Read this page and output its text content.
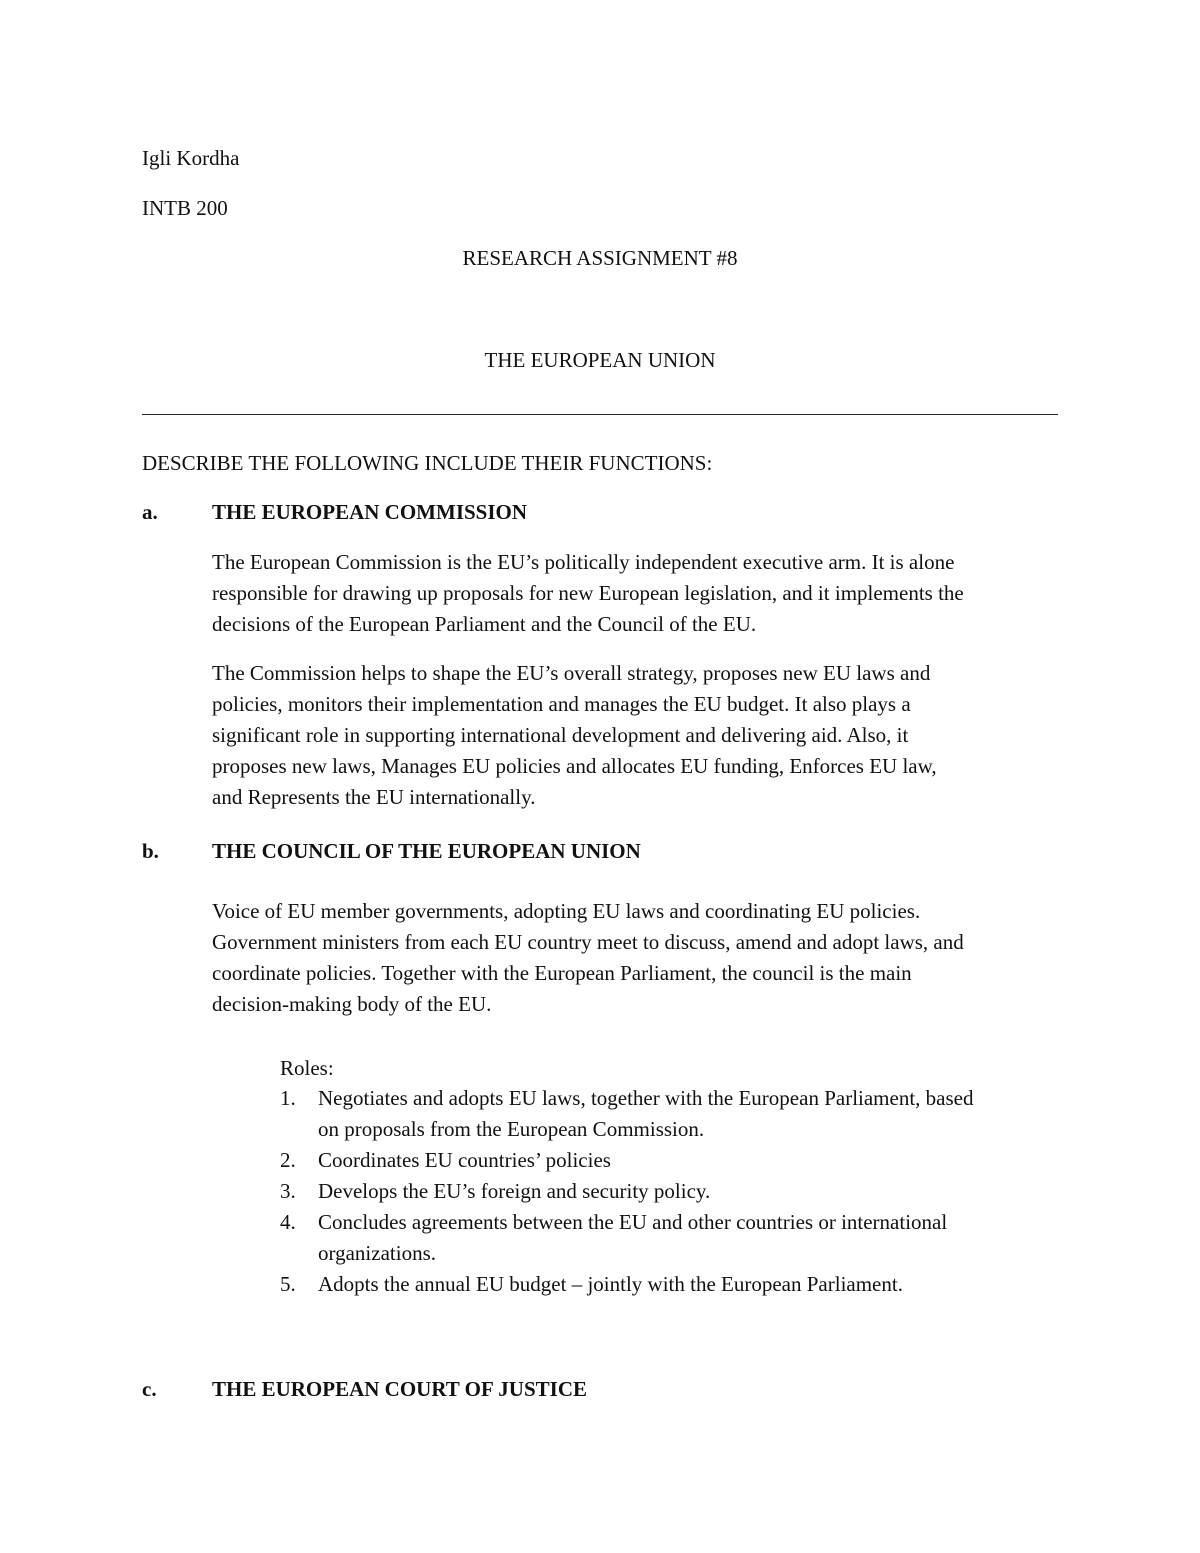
Igli Kordha
INTB 200
RESEARCH ASSIGNMENT #8
THE EUROPEAN UNION
DESCRIBE THE FOLLOWING INCLUDE THEIR FUNCTIONS:
a.	THE EUROPEAN COMMISSION
The European Commission is the EU’s politically independent executive arm. It is alone
responsible for drawing up proposals for new European legislation, and it implements the
decisions of the European Parliament and the Council of the EU.
The Commission helps to shape the EU’s overall strategy, proposes new EU laws and
policies, monitors their implementation and manages the EU budget. It also plays a
significant role in supporting international development and delivering aid. Also, it
proposes new laws, Manages EU policies and allocates EU funding, Enforces EU law,
and Represents the EU internationally.
b.	THE COUNCIL OF THE EUROPEAN UNION
Voice of EU member governments, adopting EU laws and coordinating EU policies.
Government ministers from each EU country meet to discuss, amend and adopt laws, and
coordinate policies. Together with the European Parliament, the council is the main
decision-making body of the EU.
Roles:
1. Negotiates and adopts EU laws, together with the European Parliament, based
on proposals from the European Commission.
2. Coordinates EU countries’ policies
3. Develops the EU’s foreign and security policy.
4. Concludes agreements between the EU and other countries or international
organizations.
5. Adopts the annual EU budget – jointly with the European Parliament.
c.	THE EUROPEAN COURT OF JUSTICE
